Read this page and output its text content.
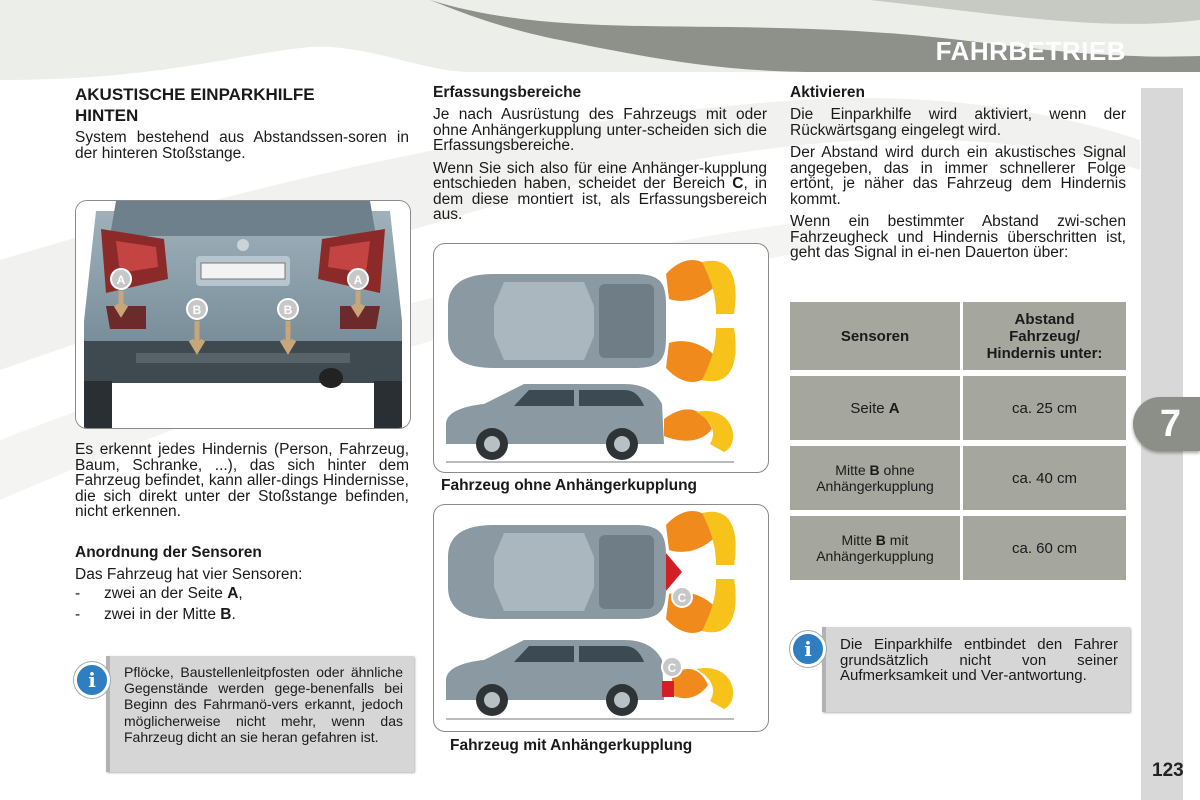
FAHRBETRIEB
7
123
AKUSTISCHE EINPARKHILFE
HINTEN

System bestehend aus Abstandssen-soren in der hinteren Stoßstange.

A	A
B	B

Es erkennt jedes Hindernis (Person, Fahrzeug, Baum, Schranke, ...), das sich hinter dem Fahrzeug befindet, kann aller-dings Hindernisse, die sich direkt unter der Stoßstange befinden, nicht erkennen.

Anordnung der Sensoren

Das Fahrzeug hat vier Sensoren:

-	zwei an der Seite A,
-	zwei in der Mitte B.
i	Pflöcke, Baustellenleitpfosten oder ähnliche Gegenstände werden gege-benenfalls bei Beginn des Fahrmanö-vers erkannt, jedoch möglicherweise nicht mehr, wenn das Fahrzeug dicht an sie heran gefahren ist.
Erfassungsbereiche

Je nach Ausrüstung des Fahrzeugs mit oder ohne Anhängerkupplung unter-scheiden sich die Erfassungsbereiche.

Wenn Sie sich also für eine Anhänger-kupplung entschieden haben, scheidet der Bereich C, in dem diese montiert ist, als Erfassungsbereich aus.

Fahrzeug ohne Anhängerkupplung
C
C
Fahrzeug mit Anhängerkupplung
Aktivieren

Die Einparkhilfe wird aktiviert, wenn der Rückwärtsgang eingelegt wird.

Der Abstand wird durch ein akustisches Signal angegeben, das in immer schnellerer Folge ertönt, je näher das Fahrzeug dem Hindernis kommt.

Wenn ein bestimmter Abstand zwi-schen Fahrzeugheck und Hindernis überschritten ist, geht das Signal in ei-nen Dauerton über:

Sensoren	Abstand
Fahrzeug/
Hindernis unter:
Seite A	ca. 25 cm
Mitte B ohne
Anhängerkupplung	ca. 40 cm
Mitte B mit
Anhängerkupplung	ca. 60 cm
i	Die Einparkhilfe entbindet den Fahrer grundsätzlich nicht von seiner Aufmerksamkeit und Ver-antwortung.
